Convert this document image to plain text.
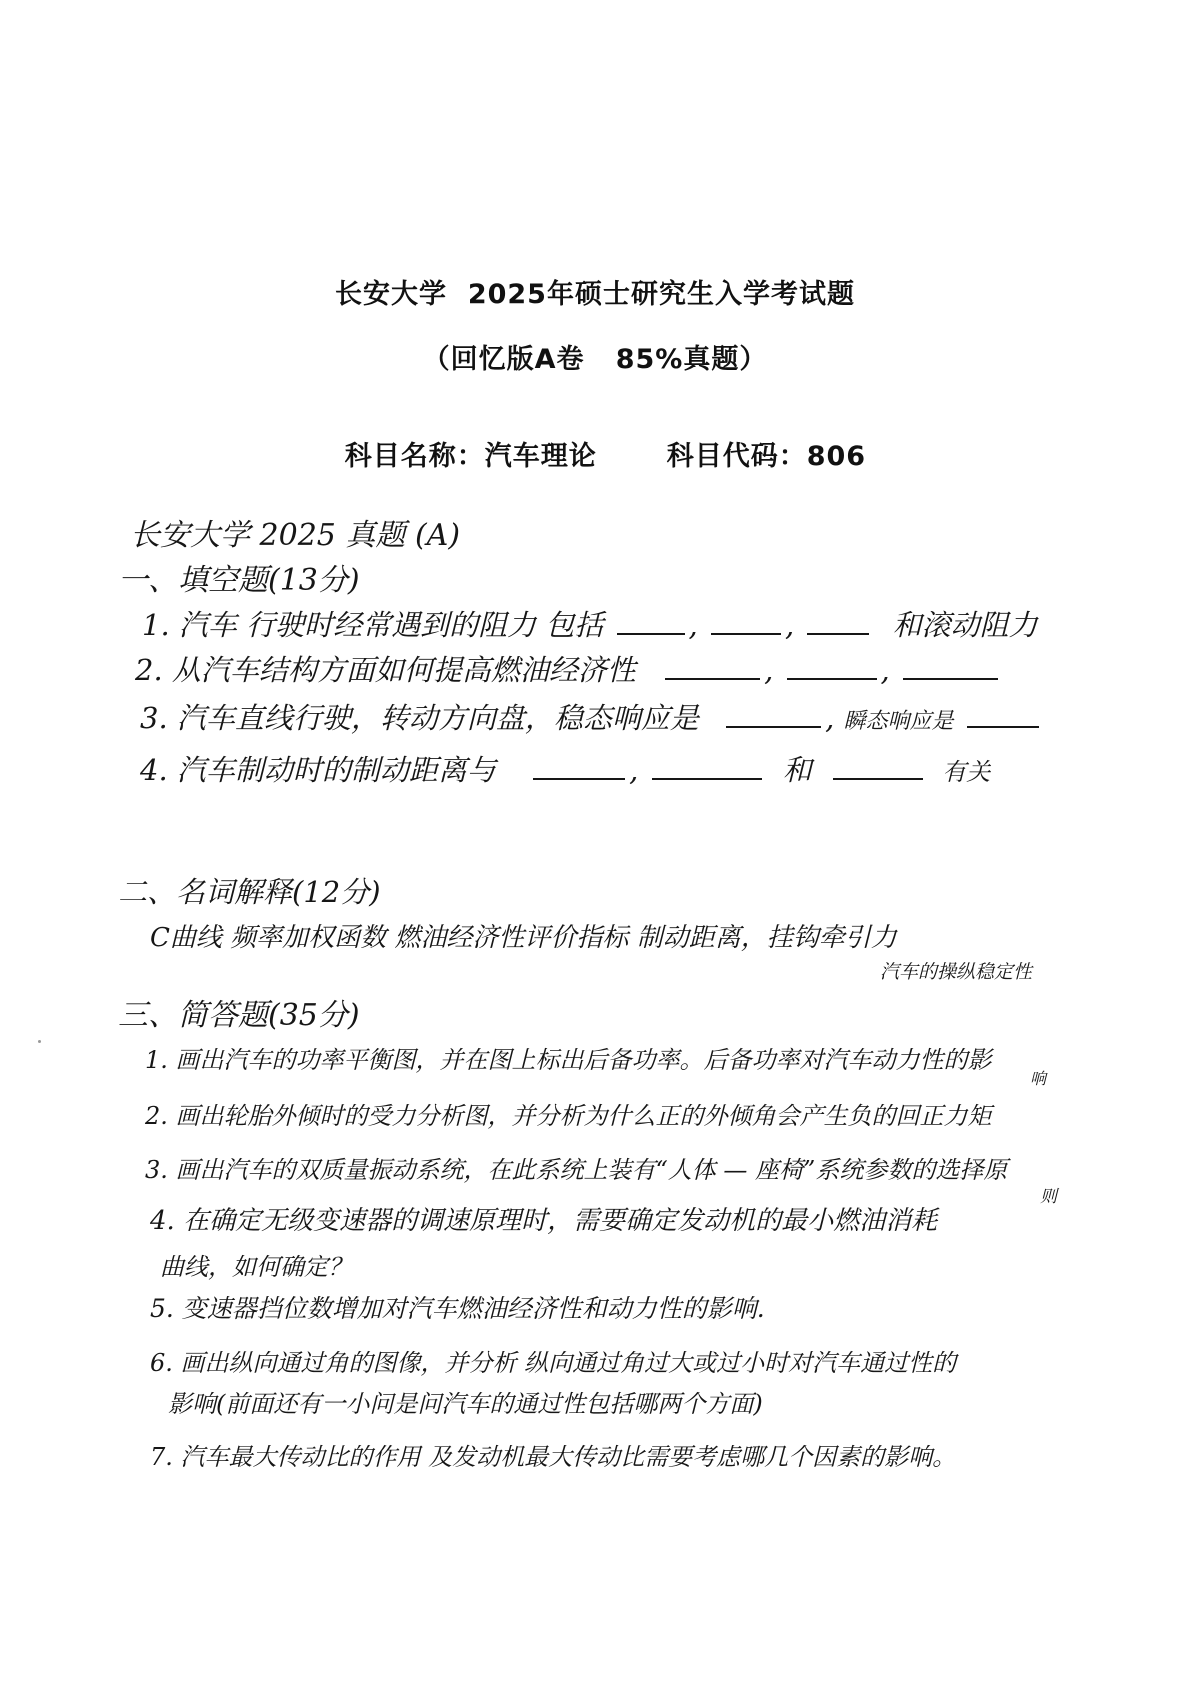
长安大学  2025年硕士研究生入学考试题
（回忆版A卷   85%真题）

科目名称：汽车理论	科目代码：806

长安大学 2025 真题 (A)
一、填空题(13分)
1. 汽车 行驶时经常遇到的阻力 包括	,	,	和滚动阻力
2. 从汽车结构方面如何提高燃油经济性	,	,
3. 汽车直线行驶，转动方向盘，稳态响应是	, 瞬态响应是
4. 汽车制动时的制动距离与	,	和	有关
二、名词解释(12分)
C曲线 频率加权函数 燃油经济性评价指标 制动距离，挂钩牵引力
汽车的操纵稳定性
三、简答题(35分)
1. 画出汽车的功率平衡图，并在图上标出后备功率。后备功率对汽车动力性的影
响
2. 画出轮胎外倾时的受力分析图，并分析为什么正的外倾角会产生负的回正力矩
3. 画出汽车的双质量振动系统，在此系统上装有“人体 — 座椅”系统参数的选择原
则
4. 在确定无级变速器的调速原理时，需要确定发动机的最小燃油消耗
曲线，如何确定？
5. 变速器挡位数增加对汽车燃油经济性和动力性的影响.
6. 画出纵向通过角的图像，并分析 纵向通过角过大或过小时对汽车通过性的
影响(前面还有一小问是问汽车的通过性包括哪两个方面)
7. 汽车最大传动比的作用 及发动机最大传动比需要考虑哪几个因素的影响。
